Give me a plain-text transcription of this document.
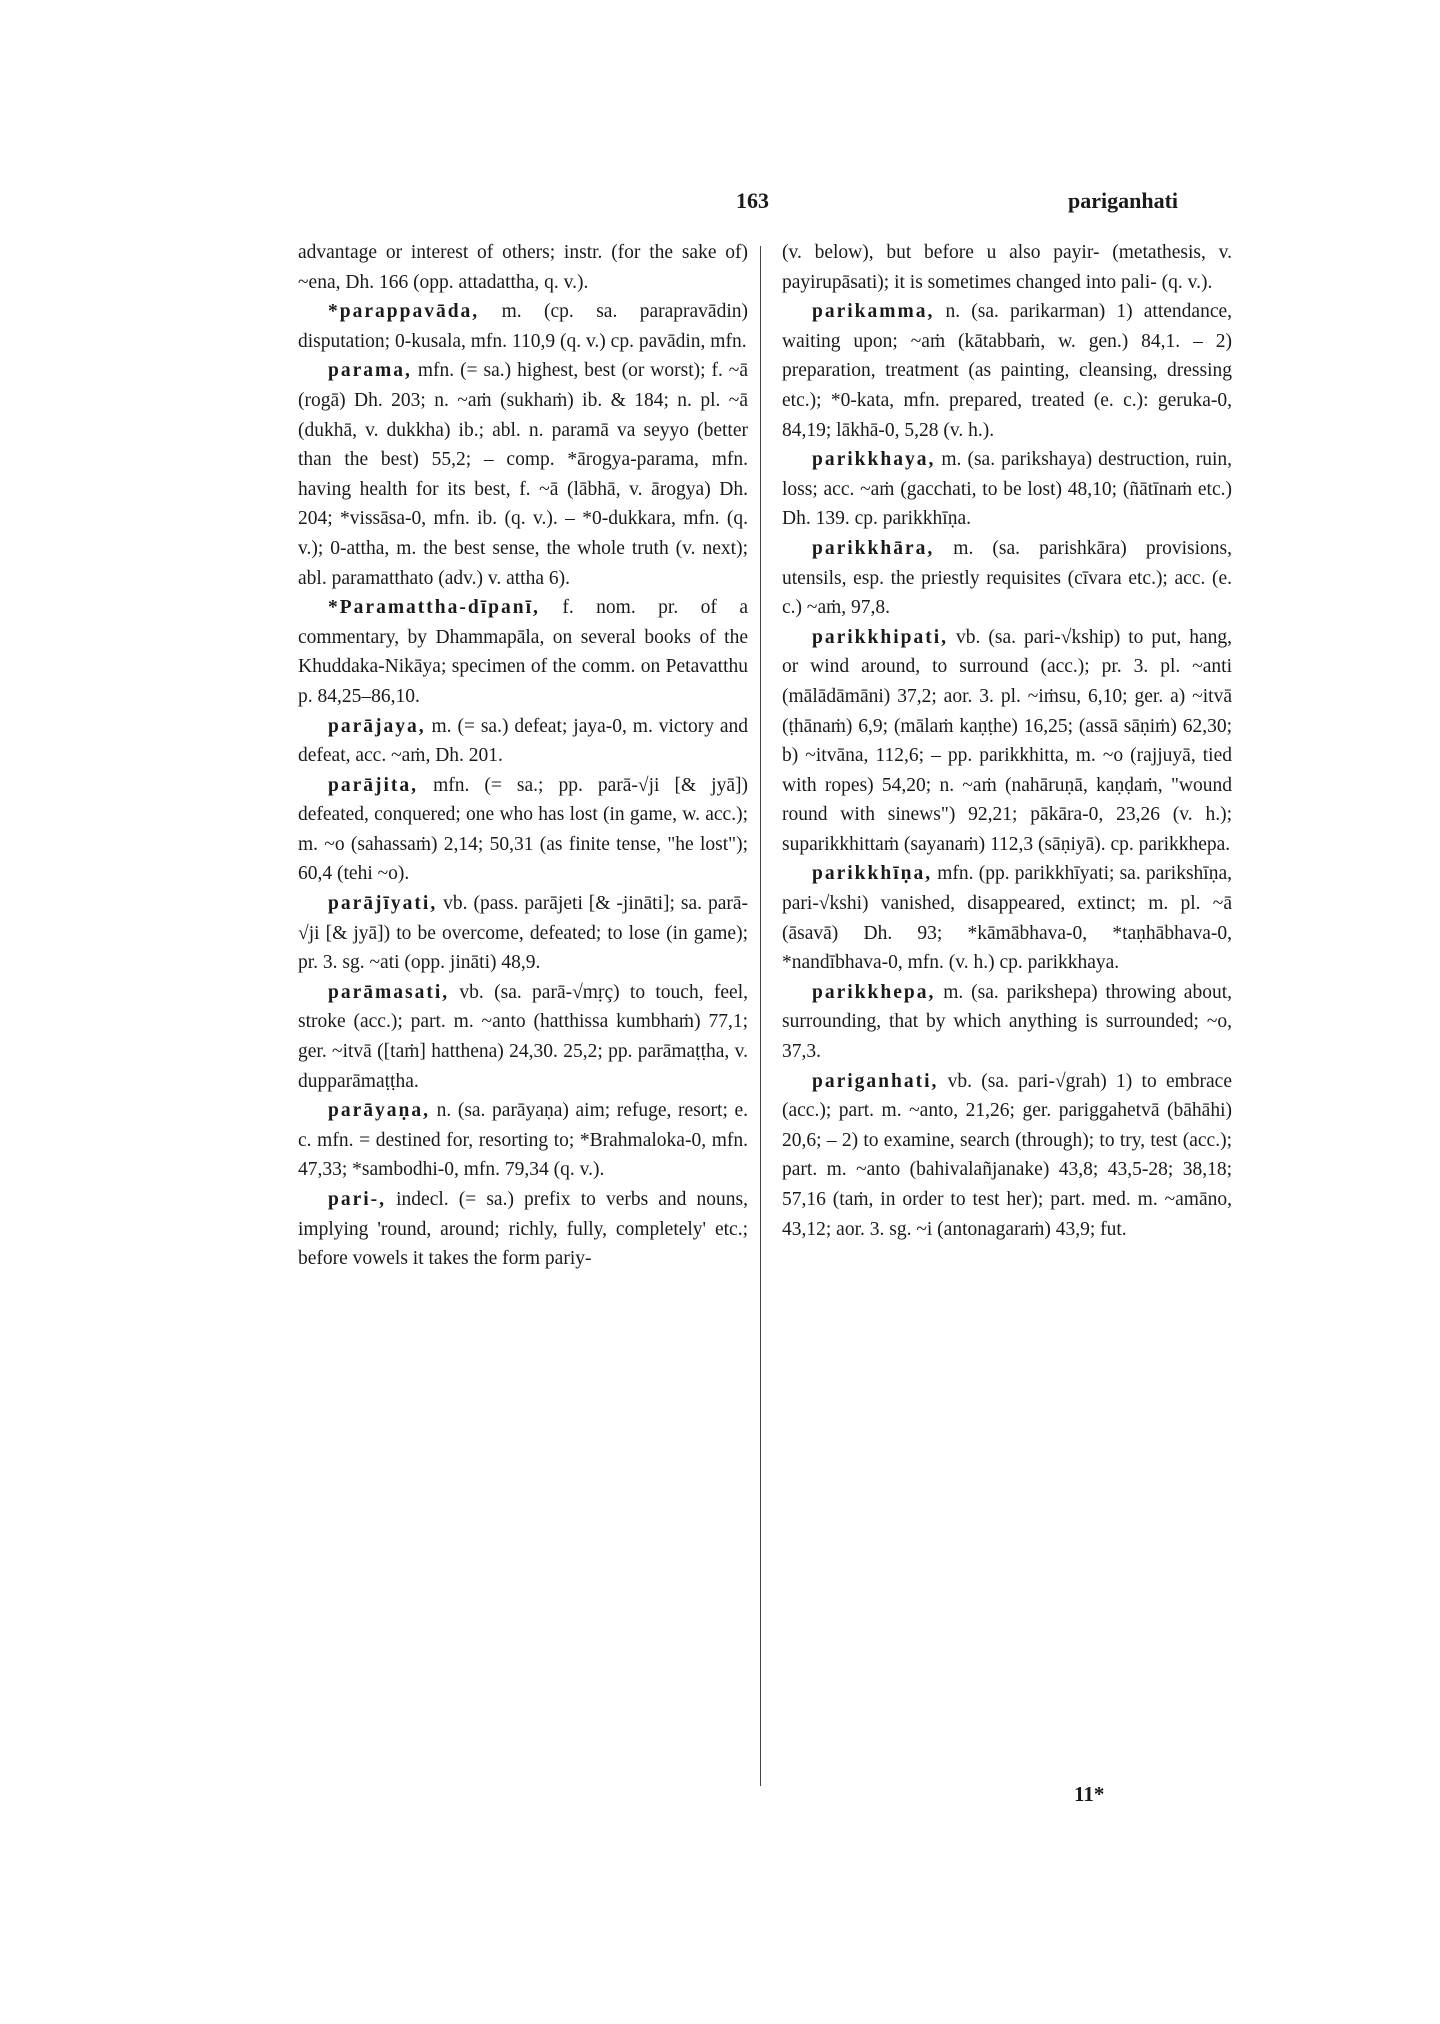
163	pariganhati

advantage or interest of others; instr. (for the sake of) ~ena, Dh. 166 (opp. attadattha, q. v.).

*parappavāda, m. (cp. sa. parapravādin) disputation; 0-kusala, mfn. 110,9 (q. v.) cp. pavādin, mfn.

parama, mfn. (= sa.) highest, best (or worst); f. ~ā (rogā) Dh. 203; n. ~aṁ (sukhaṁ) ib. & 184; n. pl. ~ā (dukhā, v. dukkha) ib.; abl. n. paramā va seyyo (better than the best) 55,2; – comp. *ārogya-parama, mfn. having health for its best, f. ~ā (lābhā, v. ārogya) Dh. 204; *vissāsa-0, mfn. ib. (q. v.). – *0-dukkara, mfn. (q. v.); 0-attha, m. the best sense, the whole truth (v. next); abl. paramatthato (adv.) v. attha 6).

*Paramattha-dīpanī, f. nom. pr. of a commentary, by Dhammapāla, on several books of the Khuddaka-Nikāya; specimen of the comm. on Petavatthu p. 84,25–86,10.

parājaya, m. (= sa.) defeat; jaya-0, m. victory and defeat, acc. ~aṁ, Dh. 201.

parājita, mfn. (= sa.; pp. parā-√ji [& jyā]) defeated, conquered; one who has lost (in game, w. acc.); m. ~o (sahassaṁ) 2,14; 50,31 (as finite tense, "he lost"); 60,4 (tehi ~o).

parājīyati, vb. (pass. parājeti [& -jināti]; sa. parā-√ji [& jyā]) to be overcome, defeated; to lose (in game); pr. 3. sg. ~ati (opp. jināti) 48,9.

parāmasati, vb. (sa. parā-√mṛç) to touch, feel, stroke (acc.); part. m. ~anto (hatthissa kumbhaṁ) 77,1; ger. ~itvā ([taṁ] hatthena) 24,30. 25,2; pp. parāmaṭṭha, v. dupparāmaṭṭha.

parāyaṇa, n. (sa. parāyaṇa) aim; refuge, resort; e. c. mfn. = destined for, resorting to; *Brahmaloka-0, mfn. 47,33; *sambodhi-0, mfn. 79,34 (q. v.).

pari-, indecl. (= sa.) prefix to verbs and nouns, implying 'round, around; richly, fully, completely' etc.; before vowels it takes the form pariy-

(v. below), but before u also payir- (metathesis, v. payirupāsati); it is sometimes changed into pali- (q. v.).

parikamma, n. (sa. parikarman) 1) attendance, waiting upon; ~aṁ (kātabbaṁ, w. gen.) 84,1. – 2) preparation, treatment (as painting, cleansing, dressing etc.); *0-kata, mfn. prepared, treated (e. c.): geruka-0, 84,19; lākhā-0, 5,28 (v. h.).

parikkhaya, m. (sa. parikshaya) destruction, ruin, loss; acc. ~aṁ (gacchati, to be lost) 48,10; (ñātīnaṁ etc.) Dh. 139. cp. parikkhīṇa.

parikkhāra, m. (sa. parishkāra) provisions, utensils, esp. the priestly requisites (cīvara etc.); acc. (e. c.) ~aṁ, 97,8.

parikkhipati, vb. (sa. pari-√kship) to put, hang, or wind around, to surround (acc.); pr. 3. pl. ~anti (mālādāmāni) 37,2; aor. 3. pl. ~iṁsu, 6,10; ger. a) ~itvā (ṭhānaṁ) 6,9; (mālaṁ kaṇṭhe) 16,25; (assā sāṇiṁ) 62,30; b) ~itvāna, 112,6; – pp. parikkhitta, m. ~o (rajjuyā, tied with ropes) 54,20; n. ~aṁ (nahāruṇā, kaṇḍaṁ, "wound round with sinews") 92,21; pākāra-0, 23,26 (v. h.); suparikkhittaṁ (sayanaṁ) 112,3 (sāṇiyā). cp. parikkhepa.

parikkhīṇa, mfn. (pp. parikkhīyati; sa. parikshīṇa, pari-√kshi) vanished, disappeared, extinct; m. pl. ~ā (āsavā) Dh. 93; *kāmābhava-0, *taṇhābhava-0, *nandībhava-0, mfn. (v. h.) cp. parikkhaya.

parikkhepa, m. (sa. parikshepa) throwing about, surrounding, that by which anything is surrounded; ~o, 37,3.

pariganhati, vb. (sa. pari-√grah) 1) to embrace (acc.); part. m. ~anto, 21,26; ger. pariggahetvā (bāhāhi) 20,6; – 2) to examine, search (through); to try, test (acc.); part. m. ~anto (bahivalañjanake) 43,8; 43,5-28; 38,18; 57,16 (taṁ, in order to test her); part. med. m. ~amāno, 43,12; aor. 3. sg. ~i (antonagaraṁ) 43,9; fut.

11*
